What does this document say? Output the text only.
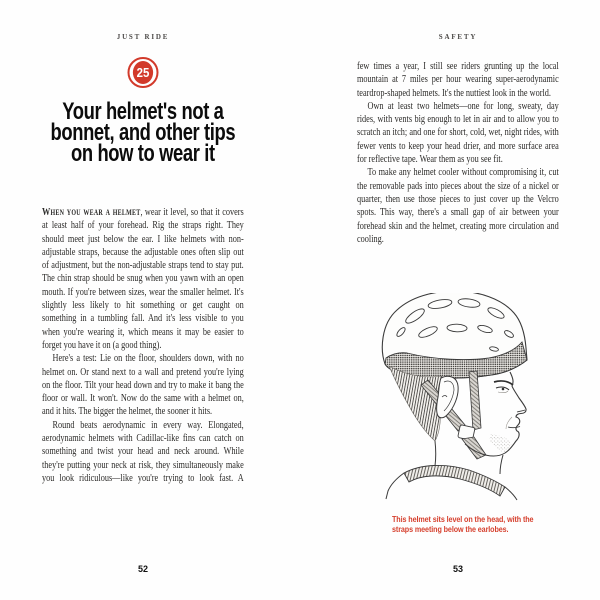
JUST RIDE
25
Your helmet's not a
bonnet, and other tips
on how to wear it

When you wear a helmet, wear it level, so that it covers at least half of your forehead. Rig the straps right. They should meet just below the ear. I like helmets with non-adjustable straps, because the adjustable ones often slip out of adjustment, but the non-adjustable straps tend to stay put. The chin strap should be snug when you yawn with an open mouth. If you're between sizes, wear the smaller helmet. It's slightly less likely to hit something or get caught on something in a tumbling fall. And it's less visible to you when you're wearing it, which means it may be easier to forget you have it on (a good thing).

Here's a test: Lie on the floor, shoulders down, with no helmet on. Or stand next to a wall and pretend you're lying on the floor. Tilt your head down and try to make it bang the floor or wall. It won't. Now do the same with a helmet on, and it hits. The bigger the helmet, the sooner it hits.

Round beats aerodynamic in every way. Elongated, aerodynamic helmets with Cadillac-like fins can catch on something and twist your head and neck around. While they're putting your neck at risk, they simultaneously make you look ridiculous—like you're trying to look fast. A

52
SAFETY

few times a year, I still see riders grunting up the local mountain at 7 miles per hour wearing super-aerodynamic teardrop-shaped helmets. It's the nuttiest look in the world.

Own at least two helmets—one for long, sweaty, day rides, with vents big enough to let in air and to allow you to scratch an itch; and one for short, cold, wet, night rides, with fewer vents to keep your head drier, and more surface area for reflective tape. Wear them as you see fit.

To make any helmet cooler without compromising it, cut the removable pads into pieces about the size of a nickel or quarter, then use those pieces to just cover up the Velcro spots. This way, there's a small gap of air between your forehead skin and the helmet, creating more circulation and cooling.

This helmet sits level on the head, with the straps meeting below the earlobes.
53
